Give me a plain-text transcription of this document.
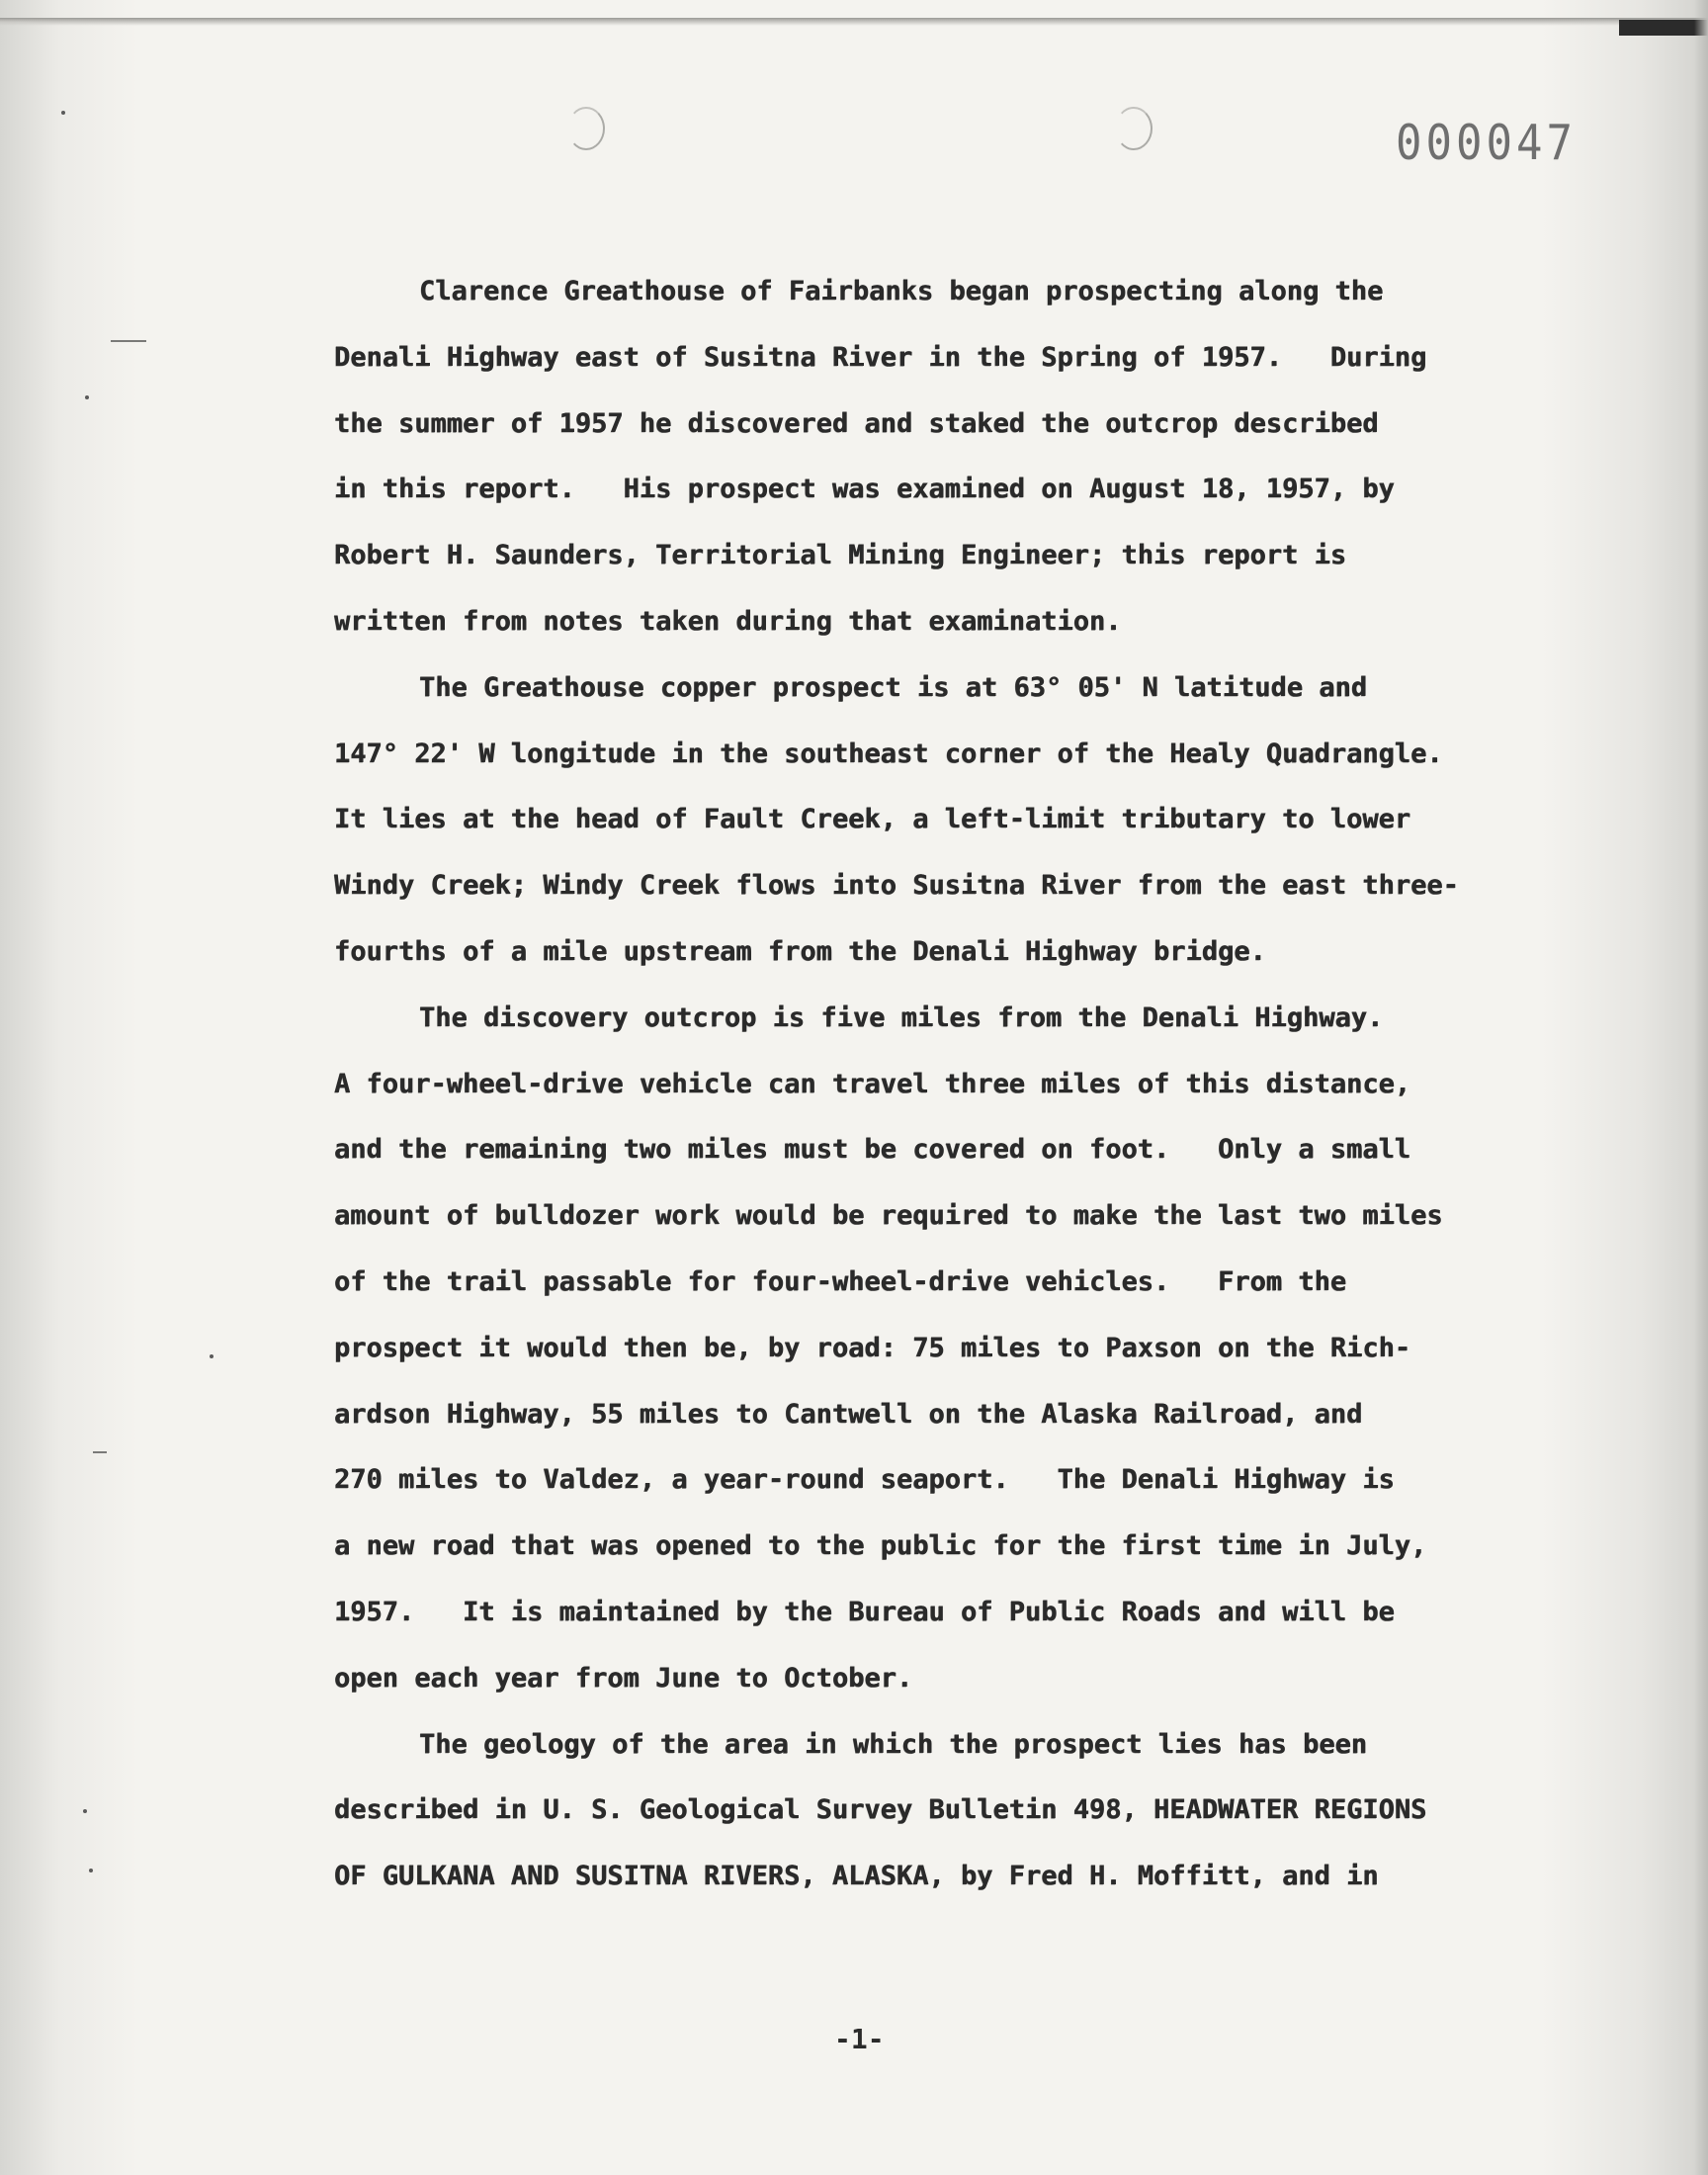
000047
Clarence Greathouse of Fairbanks began prospecting along the
Denali Highway east of Susitna River in the Spring of 1957.   During
the summer of 1957 he discovered and staked the outcrop described
in this report.   His prospect was examined on August 18, 1957, by
Robert H. Saunders, Territorial Mining Engineer; this report is
written from notes taken during that examination.
The Greathouse copper prospect is at 63° 05' N latitude and
147° 22' W longitude in the southeast corner of the Healy Quadrangle.
It lies at the head of Fault Creek, a left-limit tributary to lower
Windy Creek; Windy Creek flows into Susitna River from the east three-
fourths of a mile upstream from the Denali Highway bridge.
The discovery outcrop is five miles from the Denali Highway.
A four-wheel-drive vehicle can travel three miles of this distance,
and the remaining two miles must be covered on foot.   Only a small
amount of bulldozer work would be required to make the last two miles
of the trail passable for four-wheel-drive vehicles.   From the
prospect it would then be, by road: 75 miles to Paxson on the Rich-
ardson Highway, 55 miles to Cantwell on the Alaska Railroad, and
270 miles to Valdez, a year-round seaport.   The Denali Highway is
a new road that was opened to the public for the first time in July,
1957.   It is maintained by the Bureau of Public Roads and will be
open each year from June to October.
The geology of the area in which the prospect lies has been
described in U. S. Geological Survey Bulletin 498, HEADWATER REGIONS
OF GULKANA AND SUSITNA RIVERS, ALASKA, by Fred H. Moffitt, and in
-1-
